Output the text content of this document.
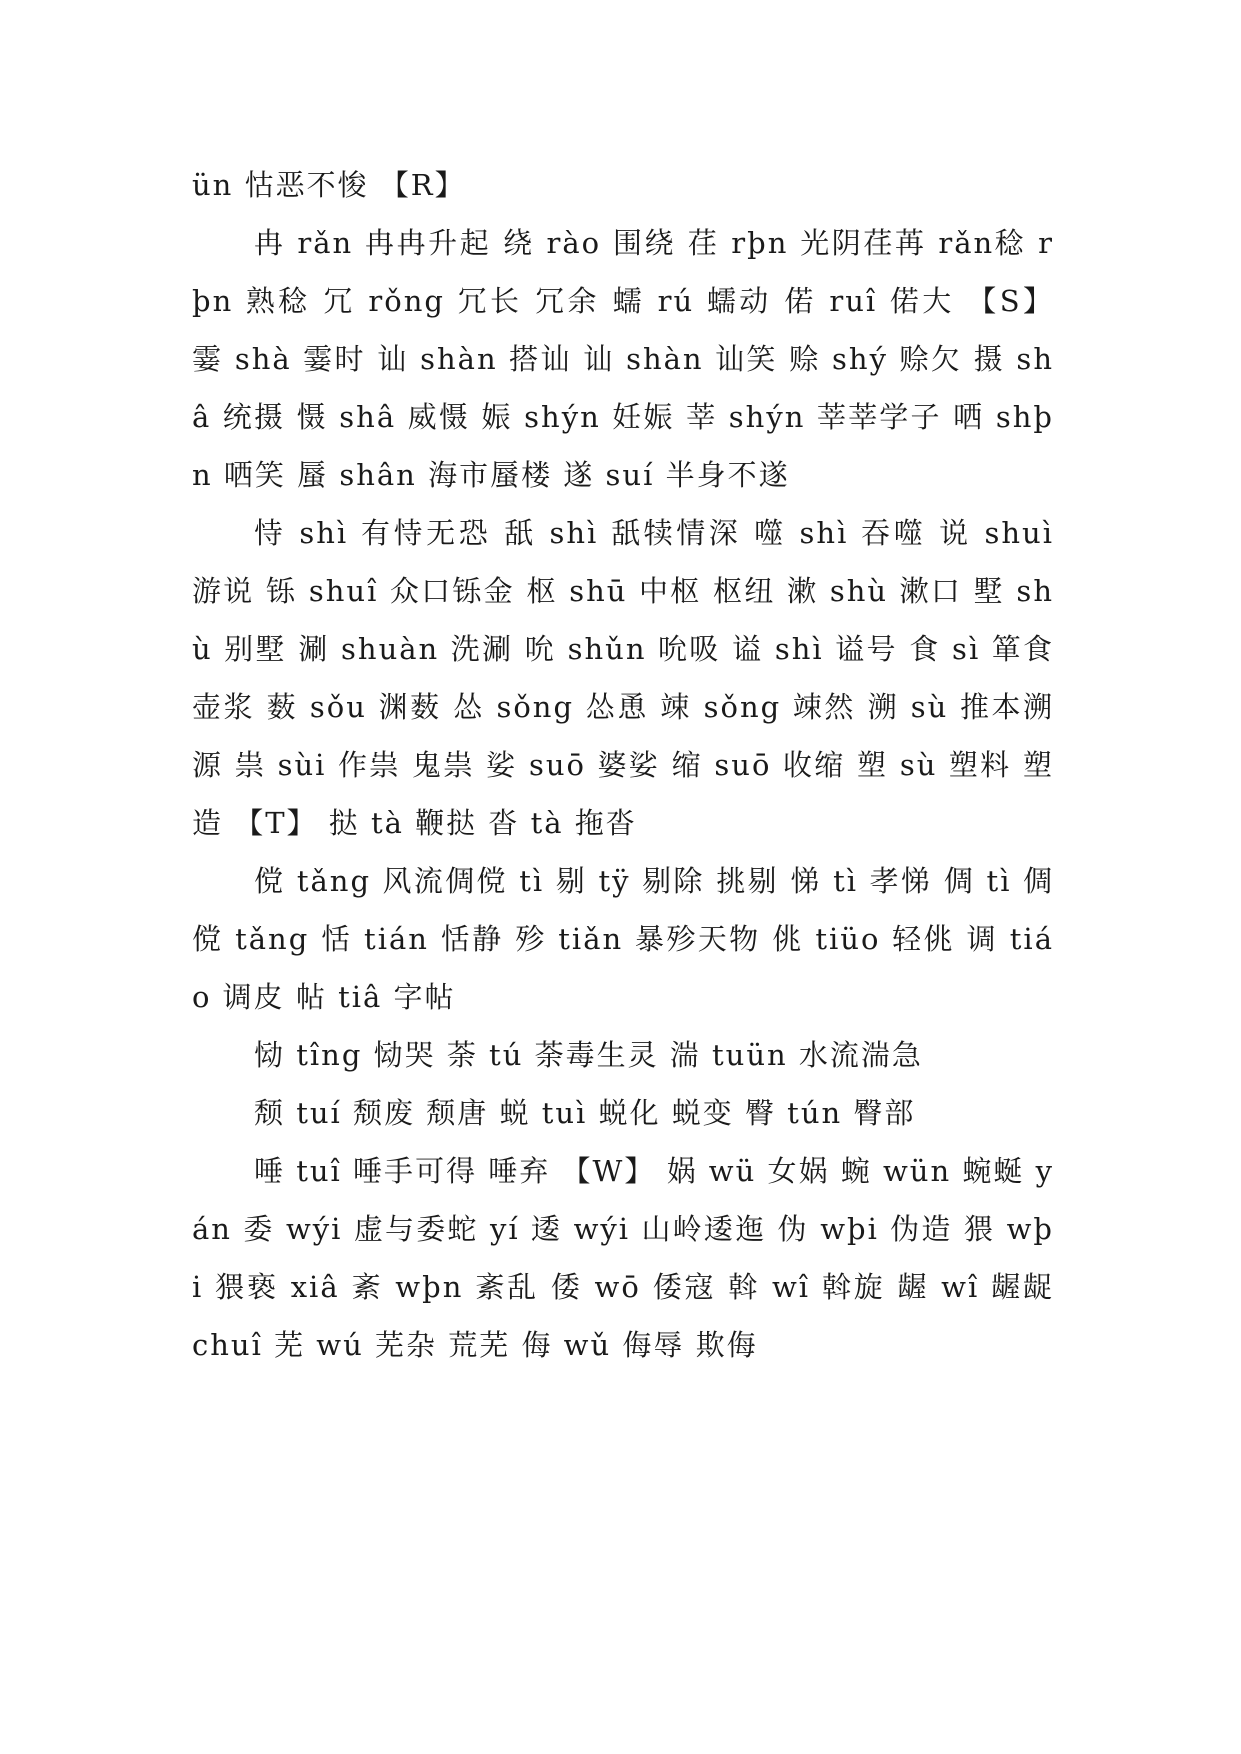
ün 怙恶不悛 【R】

冉 rǎn 冉冉升起 绕 ràо 围绕 荏 rþn 光阴荏苒 rǎn稔 rþn 熟稔 冗 rǒng 冗长 冗余 蠕 rú 蠕动 偌 ruî 偌大 【S】 霎 shà 霎时 讪 shàn 搭讪 讪 shàn 讪笑 赊 shý 赊欠 摄 shâ 统摄 慑 shâ 威慑 娠 shýn 妊娠 莘 shýn 莘莘学子 哂 shþn 哂笑 蜃 shân 海市蜃楼 遂 suí 半身不遂

恃 shì 有恃无恐 舐 shì 舐犊情深 噬 shì 吞噬 说 shuì 游说 铄 shuî 众口铄金 枢 shū 中枢 枢纽 漱 shù 漱口 墅 shù 别墅 涮 shuàn 洗涮 吮 shǔn 吮吸 谥 shì 谥号 食 sì 箪食壶浆 薮 sǒu 渊薮 怂 sǒng 怂恿 竦 sǒng 竦然 溯 sù 推本溯源 祟 sùi 作祟 鬼祟 娑 suō 婆娑 缩 suō 收缩 塑 sù 塑料 塑造 【T】 挞 tà 鞭挞 沓 tà 拖沓

傥 tǎng 风流倜傥 tì 剔 tÿ 剔除 挑剔 悌 tì 孝悌 倜 tì 倜傥 tǎng 恬 tián 恬静 殄 tiǎn 暴殄天物 佻 tiüo 轻佻 调 tiáo 调皮 帖 tiâ 字帖

恸 tîng 恸哭 荼 tú 荼毒生灵 湍 tuün 水流湍急

颓 tuí 颓废 颓唐 蜕 tuì 蜕化 蜕变 臀 tún 臀部

唾 tuî 唾手可得 唾弃 【W】 娲 wü 女娲 蜿 wün 蜿蜒 yán 委 wýi 虚与委蛇 yí 逶 wýi 山岭逶迤 伪 wþi 伪造 猥 wþi 猥亵 xiâ 紊 wþn 紊乱 倭 wō 倭寇 斡 wî 斡旋 龌 wî 龌龊 chuî 芜 wú 芜杂 荒芜 侮 wǔ 侮辱 欺侮
